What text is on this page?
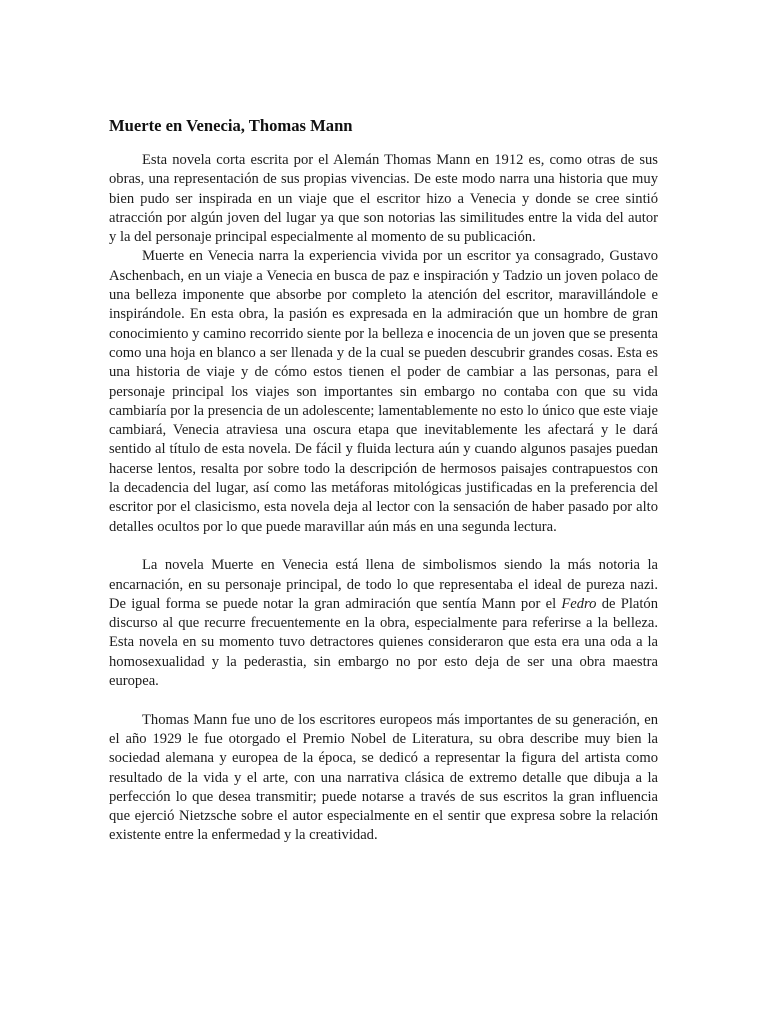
Muerte en Venecia, Thomas Mann

Esta novela corta escrita por el Alemán Thomas Mann en 1912 es, como otras de sus obras, una representación de sus propias vivencias. De este modo narra una historia que muy bien pudo ser inspirada en un viaje que el escritor hizo a Venecia y donde se cree sintió atracción por algún joven del lugar ya que son notorias las similitudes entre la vida del autor y la del personaje principal especialmente al momento de su publicación.

Muerte en Venecia narra la experiencia vivida por un escritor ya consagrado, Gustavo Aschenbach, en un viaje a Venecia en busca de paz e inspiración y Tadzio un joven polaco de una belleza imponente que absorbe por completo la atención del escritor, maravillándole e inspirándole. En esta obra, la pasión es expresada en la admiración que un hombre de gran conocimiento y camino recorrido siente por la belleza e inocencia de un joven que se presenta como una hoja en blanco a ser llenada y de la cual se pueden descubrir grandes cosas. Esta es una historia de viaje y de cómo estos tienen el poder de cambiar a las personas, para el personaje principal los viajes son importantes sin embargo no contaba con que su vida cambiaría por la presencia de un adolescente; lamentablemente no esto lo único que este viaje cambiará, Venecia atraviesa una oscura etapa que inevitablemente les afectará y le dará sentido al título de esta novela. De fácil y fluida lectura aún y cuando algunos pasajes puedan hacerse lentos, resalta por sobre todo la descripción de hermosos paisajes contrapuestos con la decadencia del lugar, así como las metáforas mitológicas justificadas en la preferencia del escritor por el clasicismo, esta novela deja al lector con la sensación de haber pasado por alto detalles ocultos por lo que puede maravillar aún más en una segunda lectura.

La novela Muerte en Venecia está llena de simbolismos siendo la más notoria la encarnación, en su personaje principal, de todo lo que representaba el ideal de pureza nazi. De igual forma se puede notar la gran admiración que sentía Mann por el Fedro de Platón discurso al que recurre frecuentemente en la obra, especialmente para referirse a la belleza. Esta novela en su momento tuvo detractores quienes consideraron que esta era una oda a la homosexualidad y la pederastia, sin embargo no por esto deja de ser una obra maestra europea.

Thomas Mann fue uno de los escritores europeos más importantes de su generación, en el año 1929 le fue otorgado el Premio Nobel de Literatura, su obra describe muy bien la sociedad alemana y europea de la época, se dedicó a representar la figura del artista como resultado de la vida y el arte, con una narrativa clásica de extremo detalle que dibuja a la perfección lo que desea transmitir; puede notarse a través de sus escritos la gran influencia que ejerció Nietzsche sobre el autor especialmente en el sentir que expresa sobre la relación existente entre la enfermedad y la creatividad.
